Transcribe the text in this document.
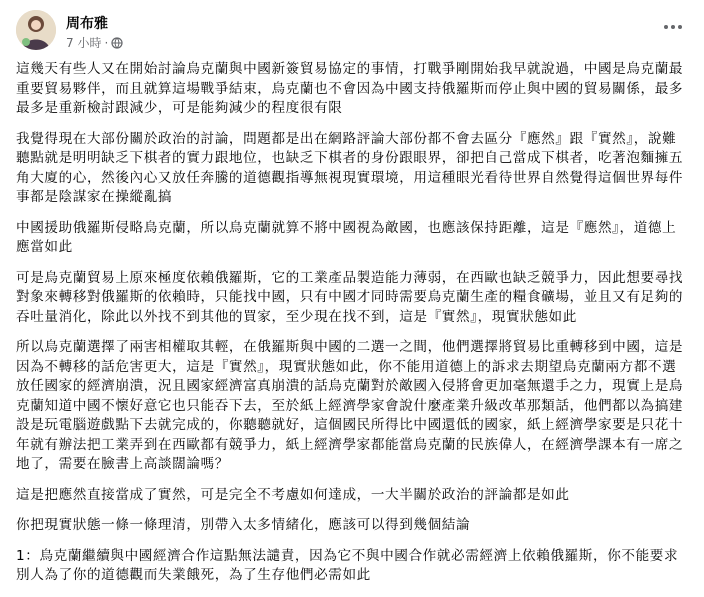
周布雅
7 小時 ·

這幾天有些人又在開始討論烏克蘭與中國新簽貿易協定的事情，打戰爭剛開始我早就說過，中國是烏克蘭最重要貿易夥伴，而且就算這場戰爭結束，烏克蘭也不會因為中國支持俄羅斯而停止與中國的貿易關係，最多最多是重新檢討跟減少，可是能夠減少的程度很有限

我覺得現在大部份關於政治的討論，問題都是出在網路評論大部份都不會去區分『應然』跟『實然』，說難聽點就是明明缺乏下棋者的實力跟地位，也缺乏下棋者的身份跟眼界，卻把自己當成下棋者，吃著泡麵擁五角大廈的心，然後內心又放任奔騰的道德觀指導無視現實環境，用這種眼光看待世界自然覺得這個世界每件事都是陰謀家在操縱亂搞

中國援助俄羅斯侵略烏克蘭，所以烏克蘭就算不將中國視為敵國，也應該保持距離，這是『應然』，道德上應當如此

可是烏克蘭貿易上原來極度依賴俄羅斯，它的工業產品製造能力薄弱，在西歐也缺乏競爭力，因此想要尋找對象來轉移對俄羅斯的依賴時，只能找中國，只有中國才同時需要烏克蘭生產的糧食礦場，並且又有足夠的吞吐量消化，除此以外找不到其他的買家，至少現在找不到，這是『實然』，現實狀態如此

所以烏克蘭選擇了兩害相權取其輕，在俄羅斯與中國的二選一之間，他們選擇將貿易比重轉移到中國，這是因為不轉移的話危害更大，這是『實然』，現實狀態如此，你不能用道德上的訴求去期望烏克蘭兩方都不選放任國家的經濟崩潰，況且國家經濟富真崩潰的話烏克蘭對於敵國入侵將會更加毫無還手之力，現實上是烏克蘭知道中國不懷好意它也只能吞下去，至於紙上經濟學家會說什麼產業升級改革那類話，他們都以為搞建設是玩電腦遊戲點下去就完成的，你聽聽就好，這個國民所得比中國還低的國家，紙上經濟學家要是只花十年就有辦法把工業弄到在西歐都有競爭力，紙上經濟學家都能當烏克蘭的民族偉人，在經濟學課本有一席之地了，需要在臉書上高談闊論嗎？

這是把應然直接當成了實然，可是完全不考慮如何達成，一大半關於政治的評論都是如此

你把現實狀態一條一條理清，別帶入太多情緒化，應該可以得到幾個結論

1：烏克蘭繼續與中國經濟合作這點無法譴責，因為它不與中國合作就必需經濟上依賴俄羅斯，你不能要求別人為了你的道德觀而失業餓死，為了生存他們必需如此
